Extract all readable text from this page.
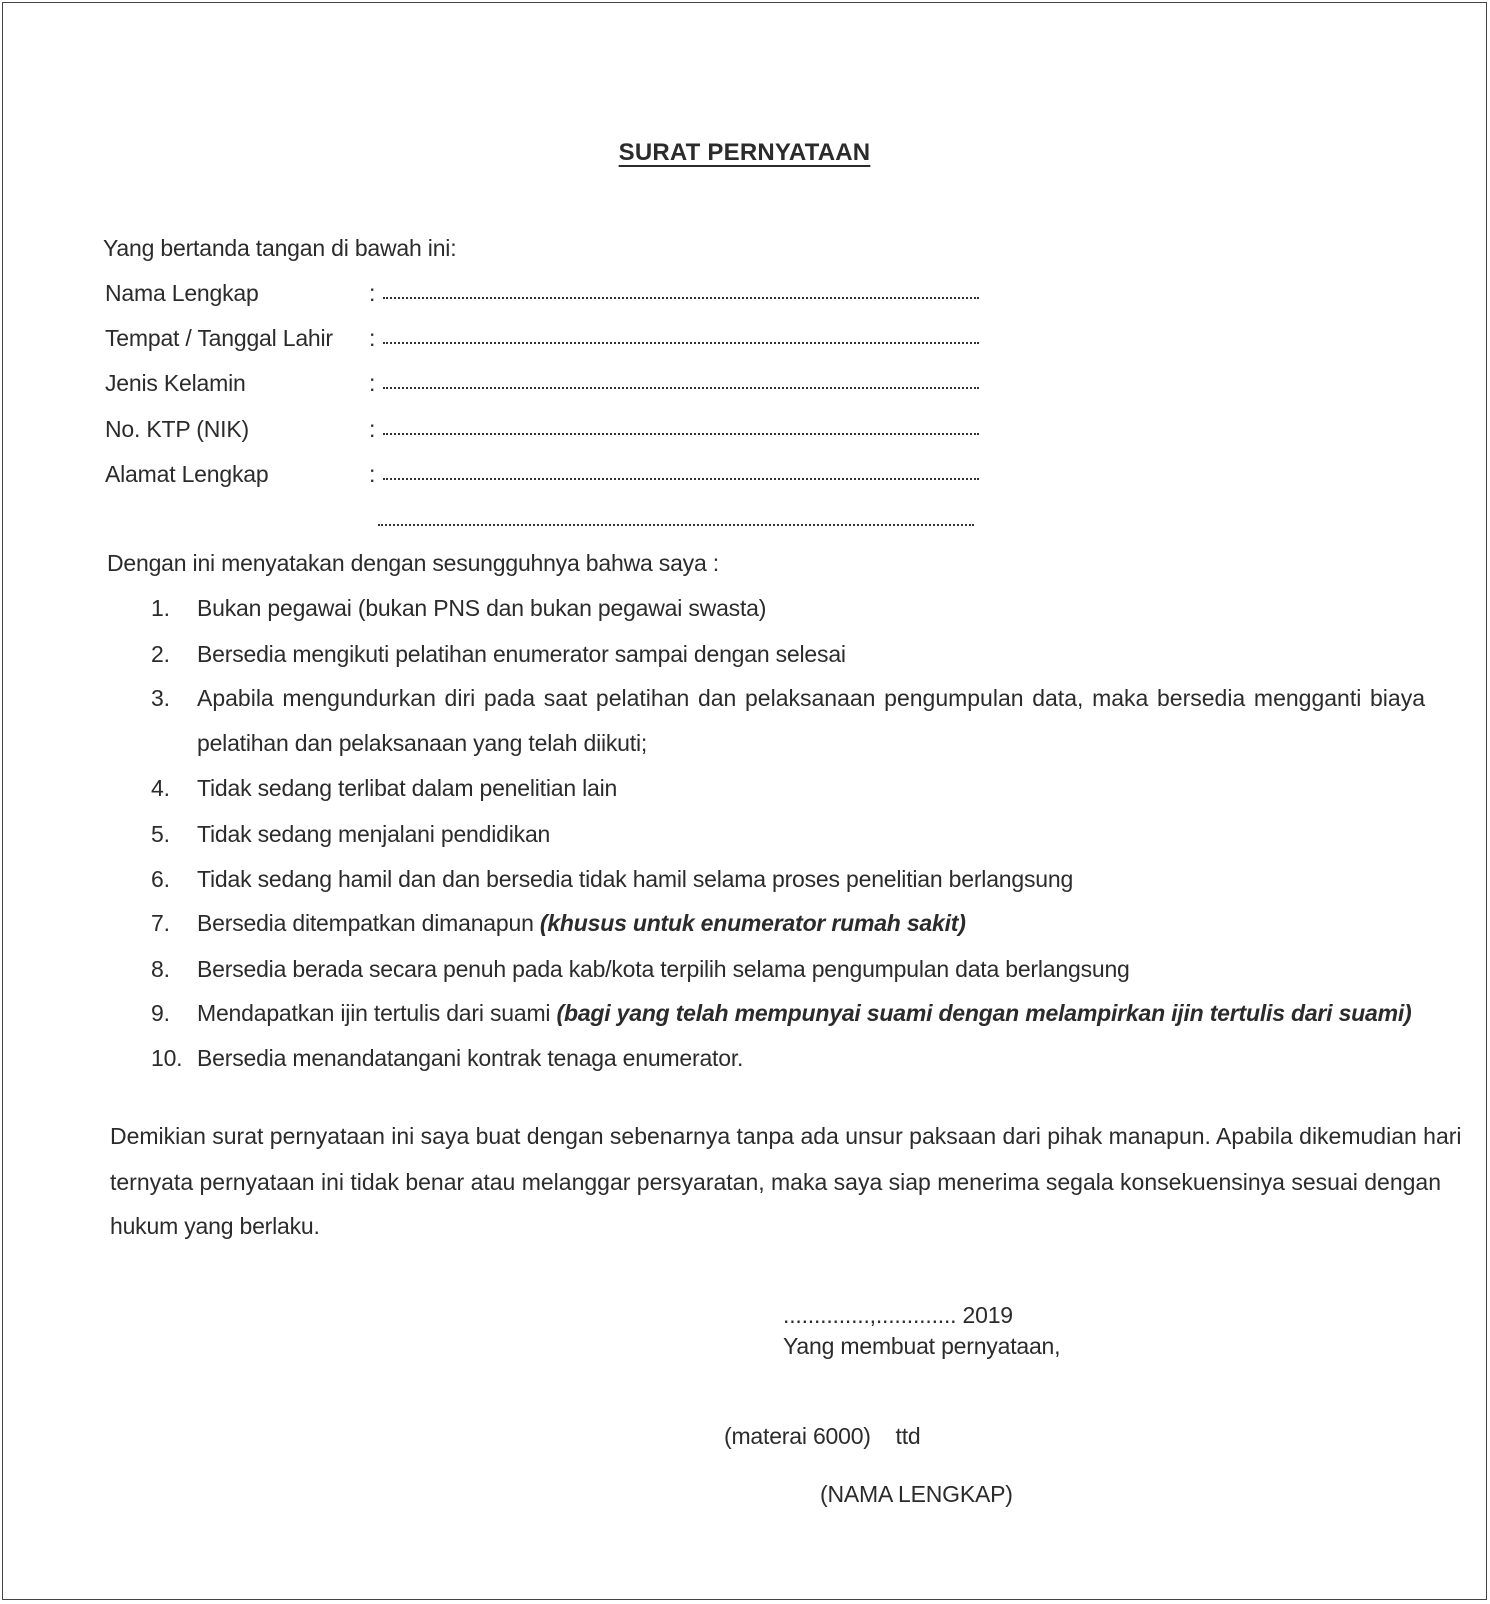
SURAT PERNYATAAN
Yang bertanda tangan di bawah ini:
Nama Lengkap	:
Tempat / Tanggal Lahir :
Jenis Kelamin	:
No. KTP (NIK)	:
Alamat Lengkap	:
Dengan ini menyatakan dengan sesungguhnya bahwa saya :
1.	Bukan pegawai (bukan PNS dan bukan pegawai swasta)
2.	Bersedia mengikuti pelatihan enumerator sampai dengan selesai
3.	Apabila mengundurkan diri pada saat pelatihan dan pelaksanaan pengumpulan data, maka bersedia mengganti biaya
pelatihan dan pelaksanaan yang telah diikuti;
4.	Tidak sedang terlibat dalam penelitian lain
5.	Tidak sedang menjalani pendidikan
6.	Tidak sedang hamil dan dan bersedia tidak hamil selama proses penelitian berlangsung
7.	Bersedia ditempatkan dimanapun (khusus untuk enumerator rumah sakit)
8.	Bersedia berada secara penuh pada kab/kota terpilih selama pengumpulan data berlangsung
9.	Mendapatkan ijin tertulis dari suami (bagi yang telah mempunyai suami dengan melampirkan ijin tertulis dari suami)
10. Bersedia menandatangani kontrak tenaga enumerator.
Demikian surat pernyataan ini saya buat dengan sebenarnya tanpa ada unsur paksaan dari pihak manapun. Apabila dikemudian hari
ternyata pernyataan ini tidak benar atau melanggar persyaratan, maka saya siap menerima segala konsekuensinya sesuai dengan
hukum yang berlaku.
..............,............. 2019
Yang membuat pernyataan,
(materai 6000)    ttd
(NAMA LENGKAP)
